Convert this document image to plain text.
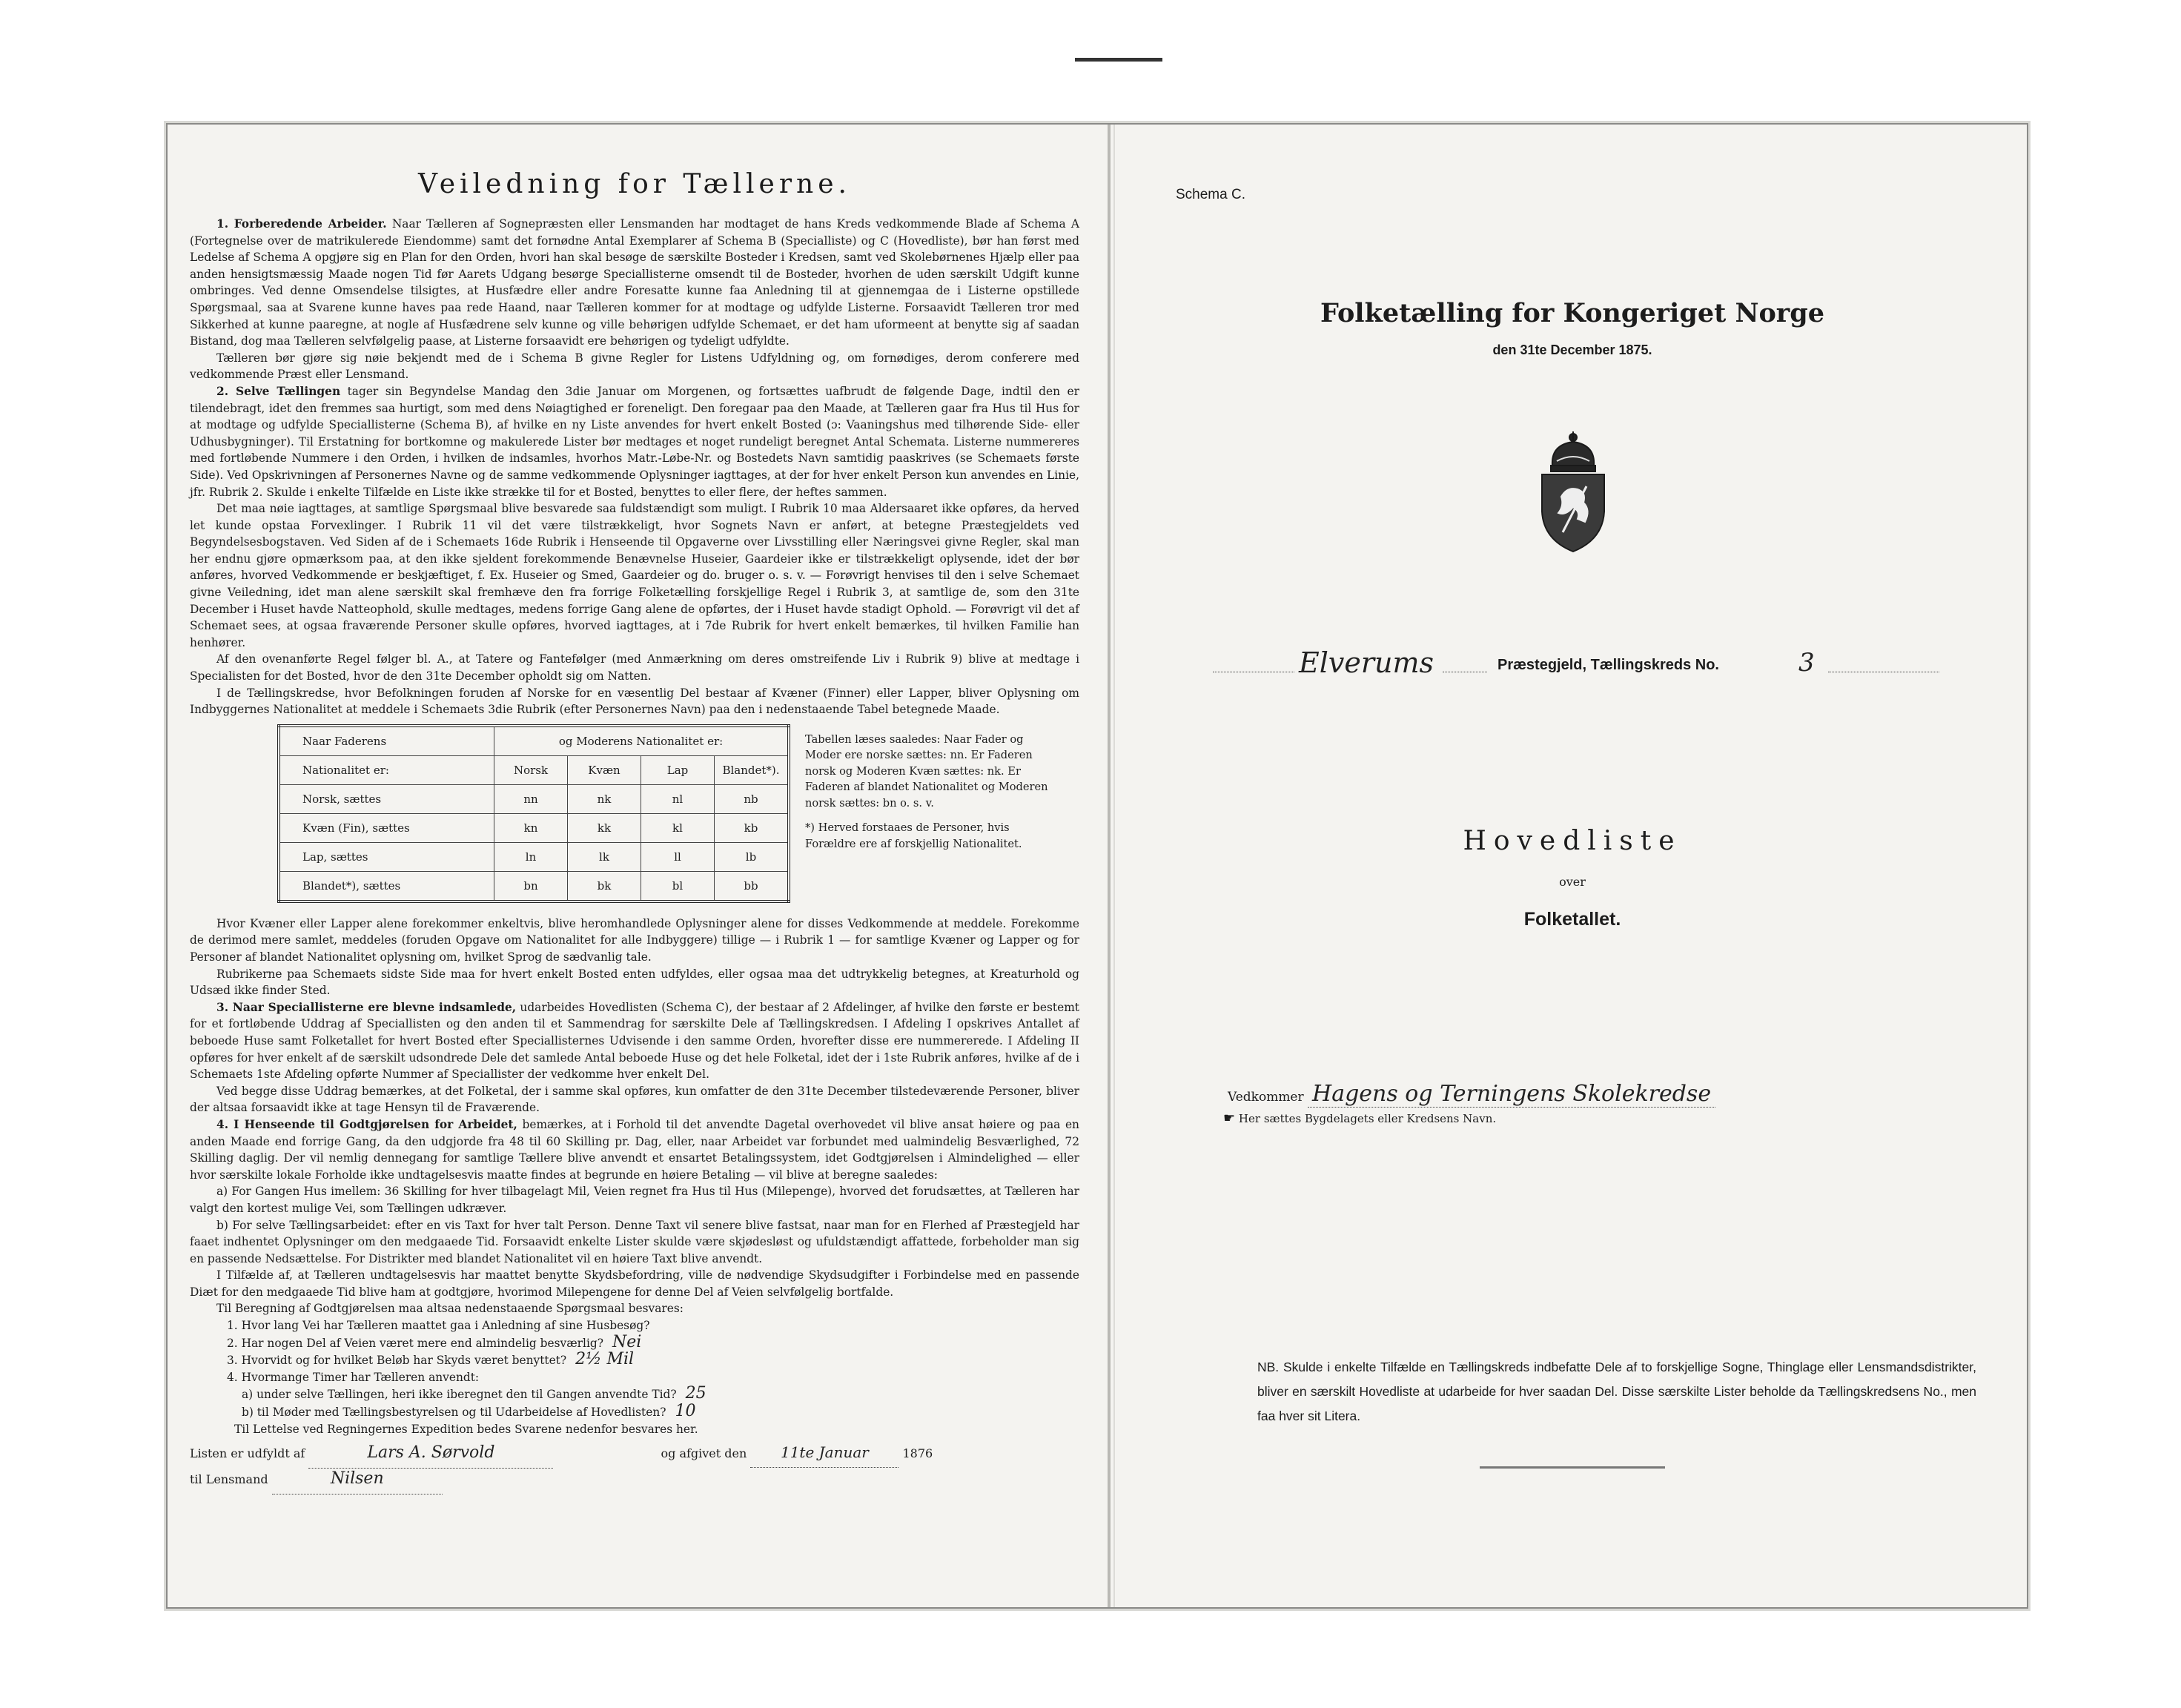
Veiledning for Tællerne.

1. Forberedende Arbeider. Naar Tælleren af Sognepræsten eller Lensmanden har modtaget de hans Kreds vedkommende Blade af Schema A (Fortegnelse over de matrikulerede Eiendomme) samt det fornødne Antal Exemplarer af Schema B (Specialliste) og C (Hovedliste), bør han først med Ledelse af Schema A opgjøre sig en Plan for den Orden, hvori han skal besøge de særskilte Bosteder i Kredsen, samt ved Skolebørnenes Hjælp eller paa anden hensigtsmæssig Maade nogen Tid før Aarets Udgang besørge Speciallisterne omsendt til de Bosteder, hvorhen de uden særskilt Udgift kunne ombringes. Ved denne Omsendelse tilsigtes, at Husfædre eller andre Foresatte kunne faa Anledning til at gjennemgaa de i Listerne opstillede Spørgsmaal, saa at Svarene kunne haves paa rede Haand, naar Tælleren kommer for at modtage og udfylde Listerne. Forsaavidt Tælleren tror med Sikkerhed at kunne paaregne, at nogle af Husfædrene selv kunne og ville behørigen udfylde Schemaet, er det ham uformeent at benytte sig af saadan Bistand, dog maa Tælleren selvfølgelig paase, at Listerne forsaavidt ere behørigen og tydeligt udfyldte.

Tælleren bør gjøre sig nøie bekjendt med de i Schema B givne Regler for Listens Udfyldning og, om fornødiges, derom conferere med vedkommende Præst eller Lensmand.

2. Selve Tællingen tager sin Begyndelse Mandag den 3die Januar om Morgenen, og fortsættes uafbrudt de følgende Dage, indtil den er tilendebragt, idet den fremmes saa hurtigt, som med dens Nøiagtighed er foreneligt. Den foregaar paa den Maade, at Tælleren gaar fra Hus til Hus for at modtage og udfylde Speciallisterne (Schema B), af hvilke en ny Liste anvendes for hvert enkelt Bosted (ɔ: Vaaningshus med tilhørende Side- eller Udhusbygninger). Til Erstatning for bortkomne og makulerede Lister bør medtages et noget rundeligt beregnet Antal Schemata. Listerne nummereres med fortløbende Nummere i den Orden, i hvilken de indsamles, hvorhos Matr.-Løbe-Nr. og Bostedets Navn samtidig paaskrives (se Schemaets første Side). Ved Opskrivningen af Personernes Navne og de samme vedkommende Oplysninger iagttages, at der for hver enkelt Person kun anvendes en Linie, jfr. Rubrik 2. Skulde i enkelte Tilfælde en Liste ikke strække til for et Bosted, benyttes to eller flere, der heftes sammen.

Det maa nøie iagttages, at samtlige Spørgsmaal blive besvarede saa fuldstændigt som muligt. I Rubrik 10 maa Aldersaaret ikke opføres, da herved let kunde opstaa Forvexlinger. I Rubrik 11 vil det være tilstrækkeligt, hvor Sognets Navn er anført, at betegne Præstegjeldets ved Begyndelsesbogstaven. Ved Siden af de i Schemaets 16de Rubrik i Henseende til Opgaverne over Livsstilling eller Næringsvei givne Regler, skal man her endnu gjøre opmærksom paa, at den ikke sjeldent forekommende Benævnelse Huseier, Gaardeier ikke er tilstrækkeligt oplysende, idet der bør anføres, hvorved Vedkommende er beskjæftiget, f. Ex. Huseier og Smed, Gaardeier og do. bruger o. s. v. — Forøvrigt henvises til den i selve Schemaet givne Veiledning, idet man alene særskilt skal fremhæve den fra forrige Folketælling forskjellige Regel i Rubrik 3, at samtlige de, som den 31te December i Huset havde Natteophold, skulle medtages, medens forrige Gang alene de opførtes, der i Huset havde stadigt Ophold. — Forøvrigt vil det af Schemaet sees, at ogsaa fraværende Personer skulle opføres, hvorved iagttages, at i 7de Rubrik for hvert enkelt bemærkes, til hvilken Familie han henhører.

Af den ovenanførte Regel følger bl. A., at Tatere og Fantefølger (med Anmærkning om deres omstreifende Liv i Rubrik 9) blive at medtage i Specialisten for det Bosted, hvor de den 31te December opholdt sig om Natten.

I de Tællingskredse, hvor Befolkningen foruden af Norske for en væsentlig Del bestaar af Kvæner (Finner) eller Lapper, bliver Oplysning om Indbyggernes Nationalitet at meddele i Schemaets 3die Rubrik (efter Personernes Navn) paa den i nedenstaaende Tabel betegnede Maade.

Naar Faderens	og Moderens Nationalitet er:			
Nationalitet er:	Norsk	Kvæn	Lap	Blandet*).
Norsk, sættes	nn	nk	nl	nb
Kvæn (Fin), sættes	kn	kk	kl	kb
Lap, sættes	ln	lk	ll	lb
Blandet*), sættes	bn	bk	bl	bb

Tabellen læses saaledes: Naar Fader og Moder ere norske sættes: nn. Er Faderen norsk og Moderen Kvæn sættes: nk. Er Faderen af blandet Nationalitet og Moderen norsk sættes: bn o. s. v.

*) Herved forstaaes de Personer, hvis Forældre ere af forskjellig Nationalitet.

Hvor Kvæner eller Lapper alene forekommer enkeltvis, blive heromhandlede Oplysninger alene for disses Vedkommende at meddele. Forekomme de derimod mere samlet, meddeles (foruden Opgave om Nationalitet for alle Indbyggere) tillige — i Rubrik 1 — for samtlige Kvæner og Lapper og for Personer af blandet Nationalitet oplysning om, hvilket Sprog de sædvanlig tale.

Rubrikerne paa Schemaets sidste Side maa for hvert enkelt Bosted enten udfyldes, eller ogsaa maa det udtrykkelig betegnes, at Kreaturhold og Udsæd ikke finder Sted.

3. Naar Speciallisterne ere blevne indsamlede, udarbeides Hovedlisten (Schema C), der bestaar af 2 Afdelinger, af hvilke den første er bestemt for et fortløbende Uddrag af Speciallisten og den anden til et Sammendrag for særskilte Dele af Tællingskredsen. I Afdeling I opskrives Antallet af beboede Huse samt Folketallet for hvert Bosted efter Speciallisternes Udvisende i den samme Orden, hvorefter disse ere nummererede. I Afdeling II opføres for hver enkelt af de særskilt udsondrede Dele det samlede Antal beboede Huse og det hele Folketal, idet der i 1ste Rubrik anføres, hvilke af de i Schemaets 1ste Afdeling opførte Nummer af Speciallister der vedkomme hver enkelt Del.

Ved begge disse Uddrag bemærkes, at det Folketal, der i samme skal opføres, kun omfatter de den 31te December tilstedeværende Personer, bliver der altsaa forsaavidt ikke at tage Hensyn til de Fraværende.

4. I Henseende til Godtgjørelsen for Arbeidet, bemærkes, at i Forhold til det anvendte Dagetal overhovedet vil blive ansat høiere og paa en anden Maade end forrige Gang, da den udgjorde fra 48 til 60 Skilling pr. Dag, eller, naar Arbeidet var forbundet med ualmindelig Besværlighed, 72 Skilling daglig. Der vil nemlig dennegang for samtlige Tællere blive anvendt et ensartet Betalingssystem, idet Godtgjørelsen i Almindelighed — eller hvor særskilte lokale Forholde ikke undtagelsesvis maatte findes at begrunde en høiere Betaling — vil blive at beregne saaledes:

a) For Gangen Hus imellem: 36 Skilling for hver tilbagelagt Mil, Veien regnet fra Hus til Hus (Milepenge), hvorved det forudsættes, at Tælleren har valgt den kortest mulige Vei, som Tællingen udkræver.

b) For selve Tællingsarbeidet: efter en vis Taxt for hver talt Person. Denne Taxt vil senere blive fastsat, naar man for en Flerhed af Præstegjeld har faaet indhentet Oplysninger om den medgaaede Tid. Forsaavidt enkelte Lister skulde være skjødesløst og ufuldstændigt affattede, forbeholder man sig en passende Nedsættelse. For Distrikter med blandet Nationalitet vil en høiere Taxt blive anvendt.

I Tilfælde af, at Tælleren undtagelsesvis har maattet benytte Skydsbefordring, ville de nødvendige Skydsudgifter i Forbindelse med en passende Diæt for den medgaaede Tid blive ham at godtgjøre, hvorimod Milepengene for denne Del af Veien selvfølgelig bortfalde.

Til Beregning af Godtgjørelsen maa altsaa nedenstaaende Spørgsmaal besvares:

1. Hvor lang Vei har Tælleren maattet gaa i Anledning af sine Husbesøg?
2. Har nogen Del af Veien været mere end almindelig besværlig? Nei
3. Hvorvidt og for hvilket Beløb har Skyds været benyttet? 2½ Mil
4. Hvormange Timer har Tælleren anvendt:
a) under selve Tællingen, heri ikke iberegnet den til Gangen anvendte Tid? 25
b) til Møder med Tællingsbestyrelsen og til Udarbeidelse af Hovedlisten? 10

Til Lettelse ved Regningernes Expedition bedes Svarene nedenfor besvares her.

Listen er udfyldt af	Lars A. Sørvold	og afgivet den 11te Januar	1876
til Lensmand	Nilsen
Schema C.
Folketælling for Kongeriget Norge
den 31te December 1875.
Elverums	Præstegjeld, Tællingskreds No.	3
Hovedliste
over
Folketallet.
Vedkommer Hagens og Terningens Skolekredse
☛ Her sættes Bygdelagets eller Kredsens Navn.
NB. Skulde i enkelte Tilfælde en Tællingskreds indbefatte Dele af to forskjellige Sogne, Thinglage eller Lensmandsdistrikter, bliver en særskilt Hovedliste at udarbeide for hver saadan Del. Disse særskilte Lister beholde da Tællingskredsens No., men faa hver sit Litera.
